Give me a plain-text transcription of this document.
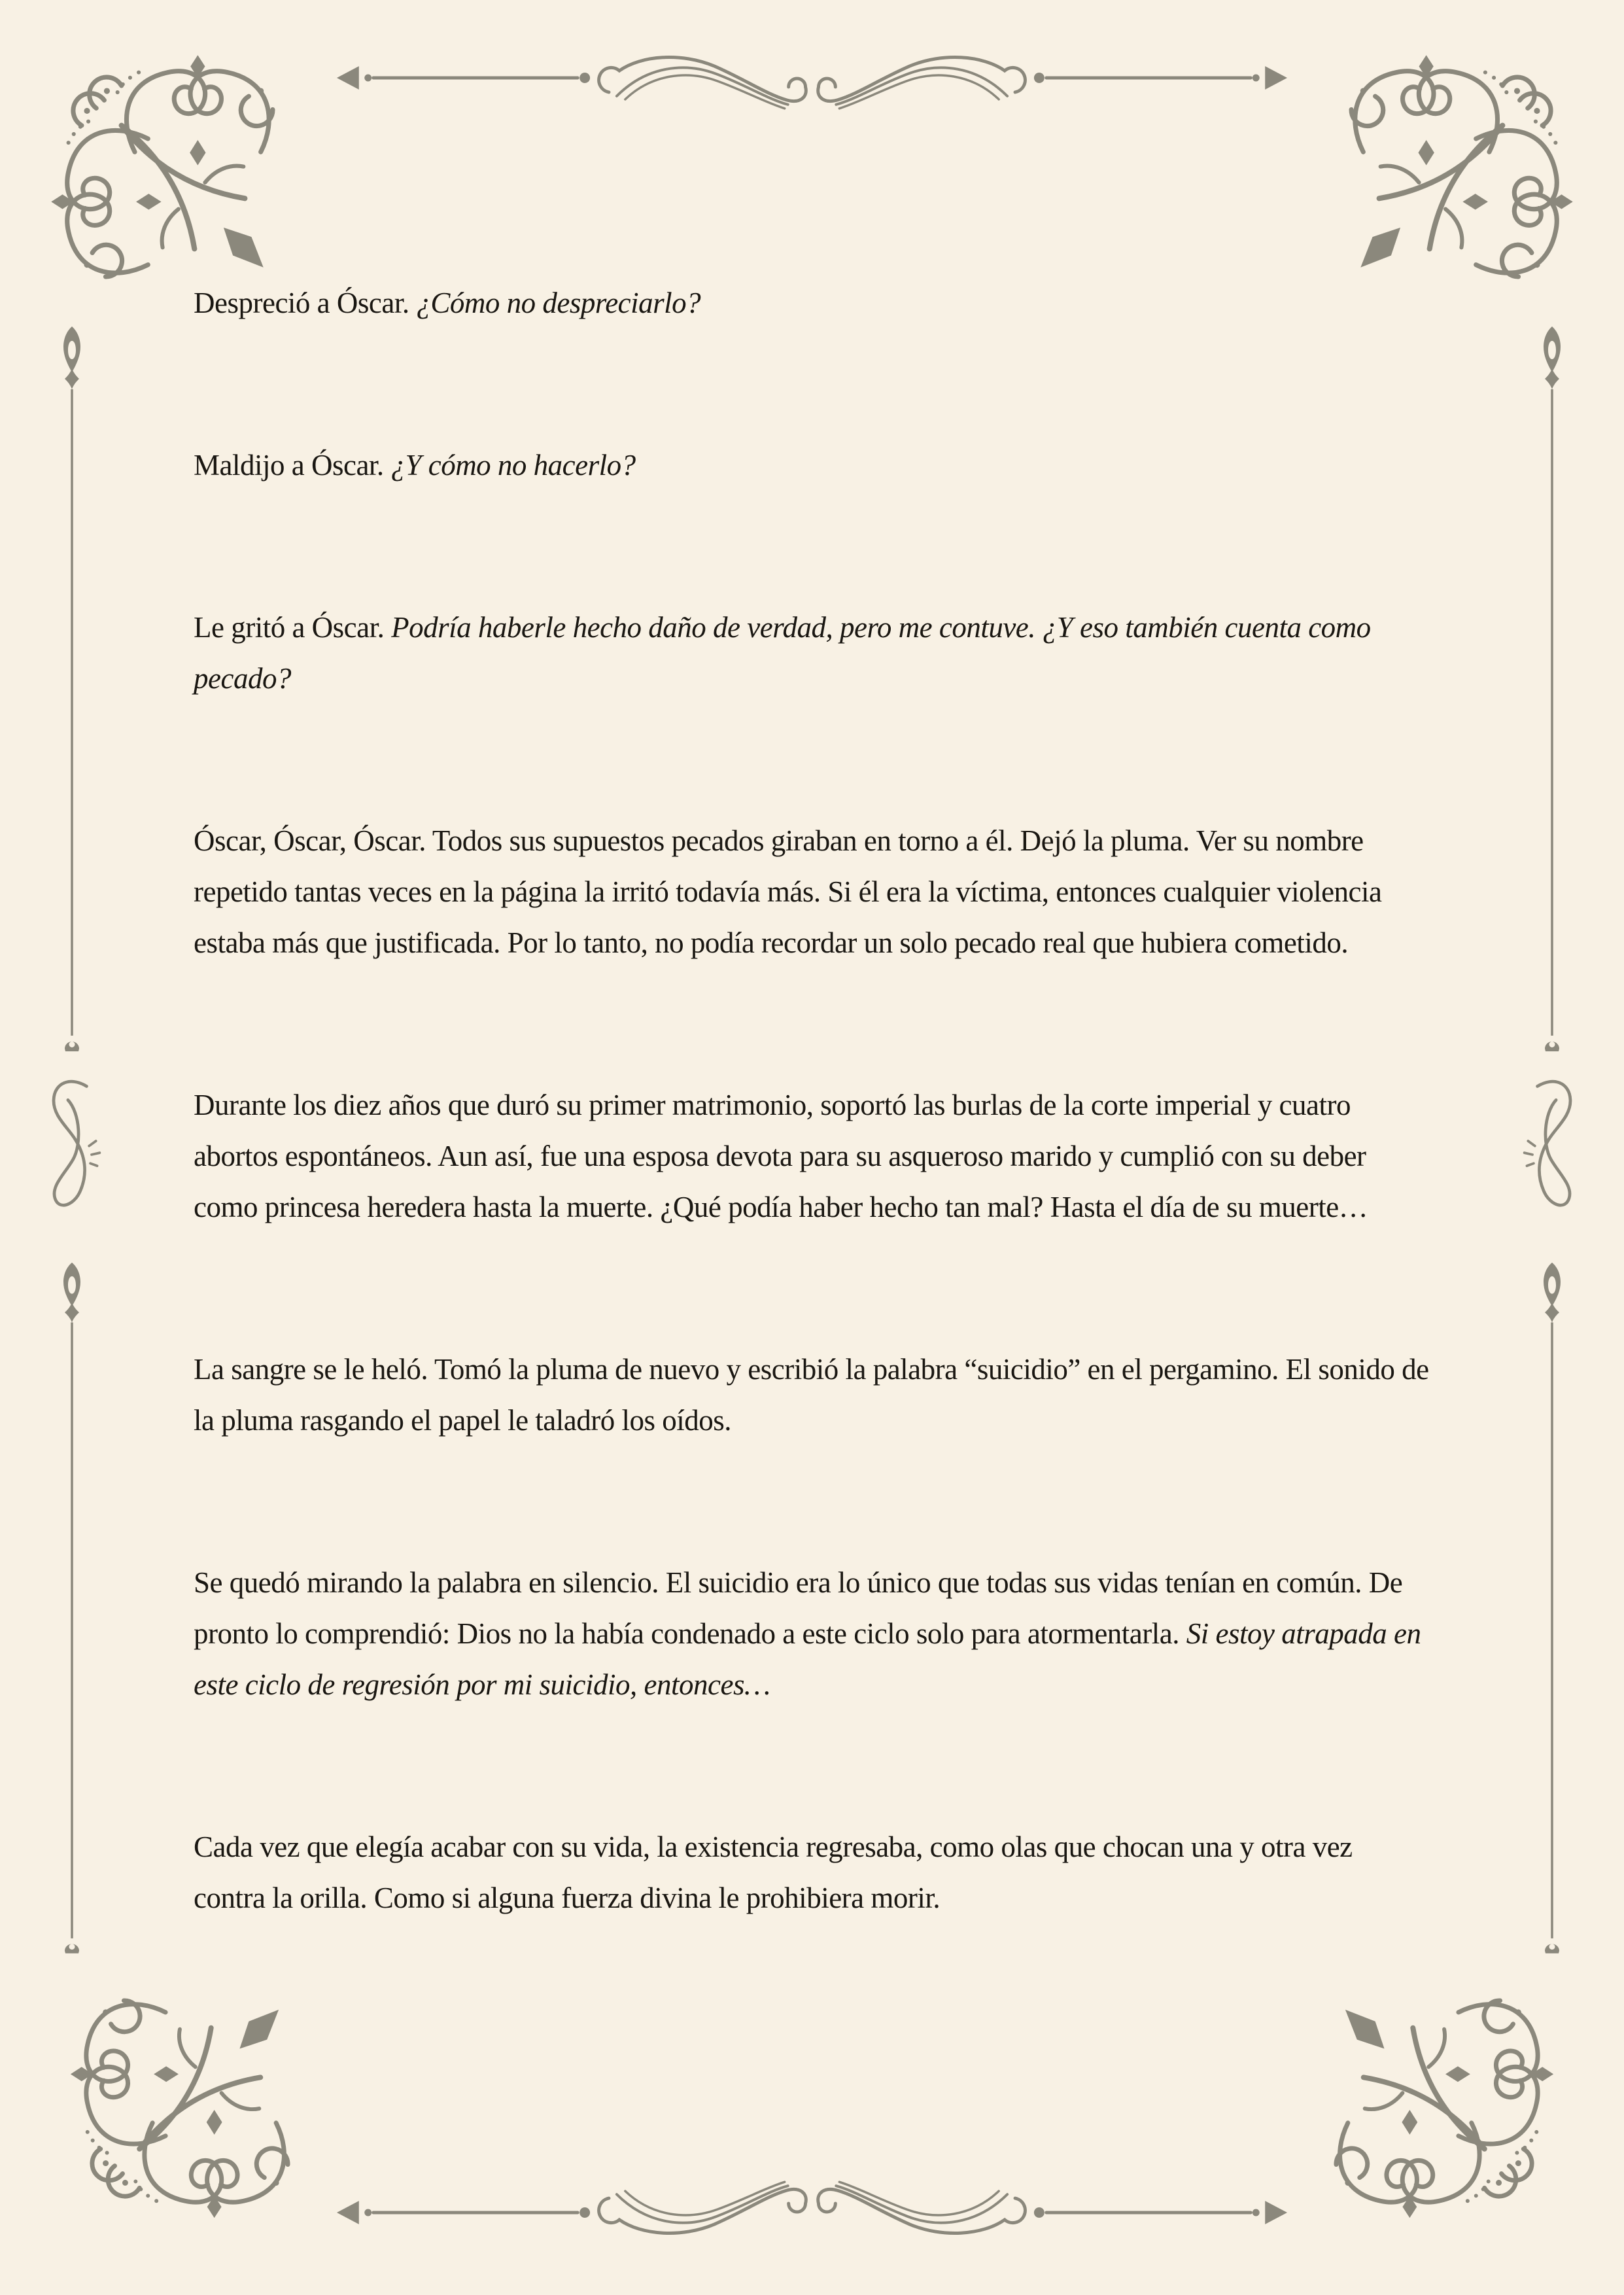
Despreció a Óscar. ¿Cómo no despreciarlo?

Maldijo a Óscar. ¿Y cómo no hacerlo?

Le gritó a Óscar. Podría haberle hecho daño de verdad, pero me contuve. ¿Y eso también cuenta como pecado?

Óscar, Óscar, Óscar. Todos sus supuestos pecados giraban en torno a él. Dejó la pluma. Ver su nombre repetido tantas veces en la página la irritó todavía más. Si él era la víctima, entonces cualquier violencia estaba más que justificada. Por lo tanto, no podía recordar un solo pecado real que hubiera cometido.

Durante los diez años que duró su primer matrimonio, soportó las burlas de la corte imperial y cuatro abortos espontáneos. Aun así, fue una esposa devota para su asqueroso marido y cumplió con su deber como princesa heredera hasta la muerte. ¿Qué podía haber hecho tan mal? Hasta el día de su muerte…

La sangre se le heló. Tomó la pluma de nuevo y escribió la palabra “suicidio” en el pergamino. El sonido de la pluma rasgando el papel le taladró los oídos.

Se quedó mirando la palabra en silencio. El suicidio era lo único que todas sus vidas tenían en común. De pronto lo comprendió: Dios no la había condenado a este ciclo solo para atormentarla. Si estoy atrapada en este ciclo de regresión por mi suicidio, entonces…

Cada vez que elegía acabar con su vida, la existencia regresaba, como olas que chocan una y otra vez contra la orilla. Como si alguna fuerza divina le prohibiera morir.
